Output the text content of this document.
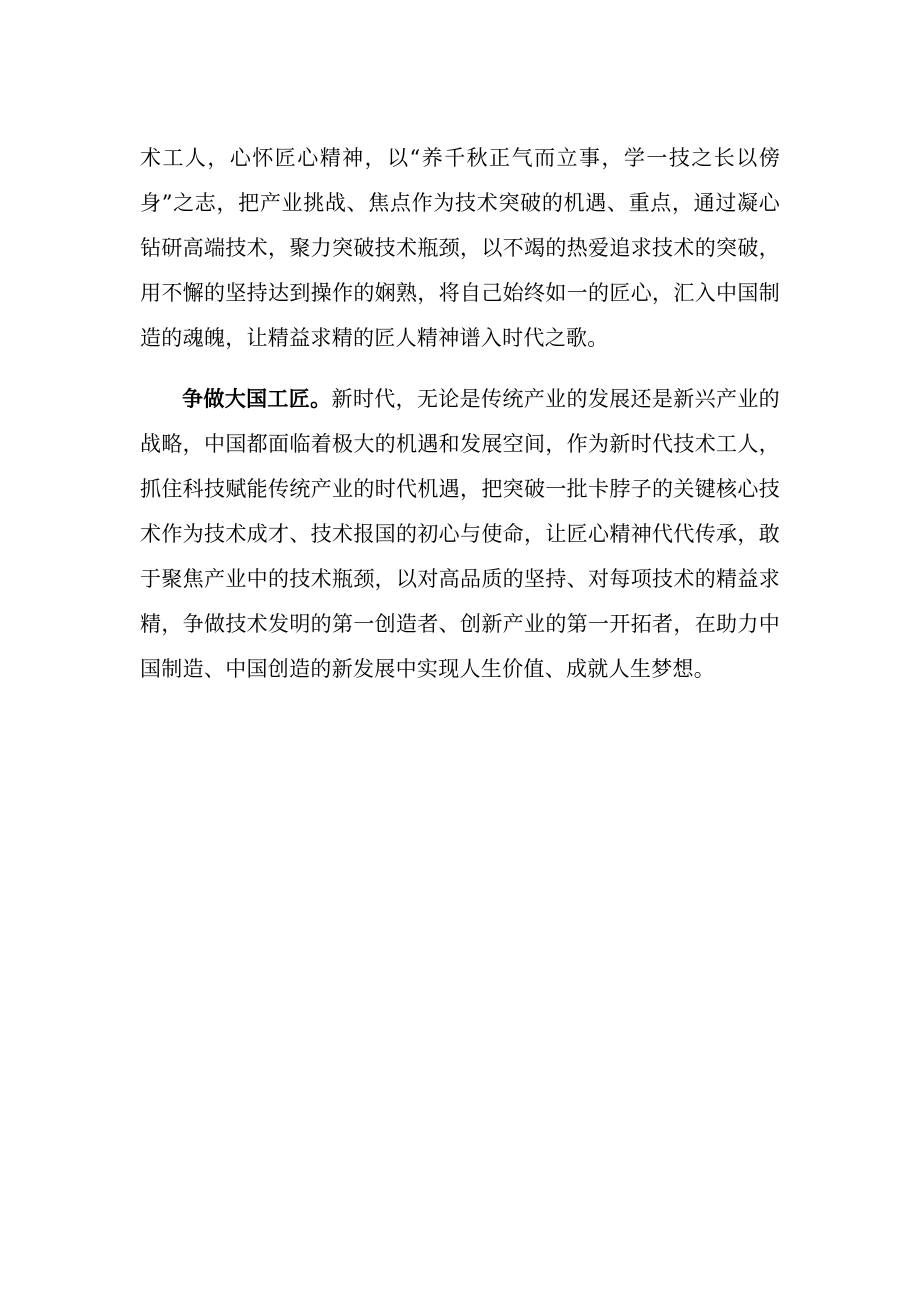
术工人，心怀匠心精神，以“养千秋正气而立事，学一技之长以傍身”之志，把产业挑战、焦点作为技术突破的机遇、重点，通过凝心钻研高端技术，聚力突破技术瓶颈，以不竭的热爱追求技术的突破，用不懈的坚持达到操作的娴熟，将自己始终如一的匠心，汇入中国制造的魂魄，让精益求精的匠人精神谱入时代之歌。

争做大国工匠。新时代，无论是传统产业的发展还是新兴产业的战略，中国都面临着极大的机遇和发展空间，作为新时代技术工人，抓住科技赋能传统产业的时代机遇，把突破一批卡脖子的关键核心技术作为技术成才、技术报国的初心与使命，让匠心精神代代传承，敢于聚焦产业中的技术瓶颈，以对高品质的坚持、对每项技术的精益求精，争做技术发明的第一创造者、创新产业的第一开拓者，在助力中国制造、中国创造的新发展中实现人生价值、成就人生梦想。
